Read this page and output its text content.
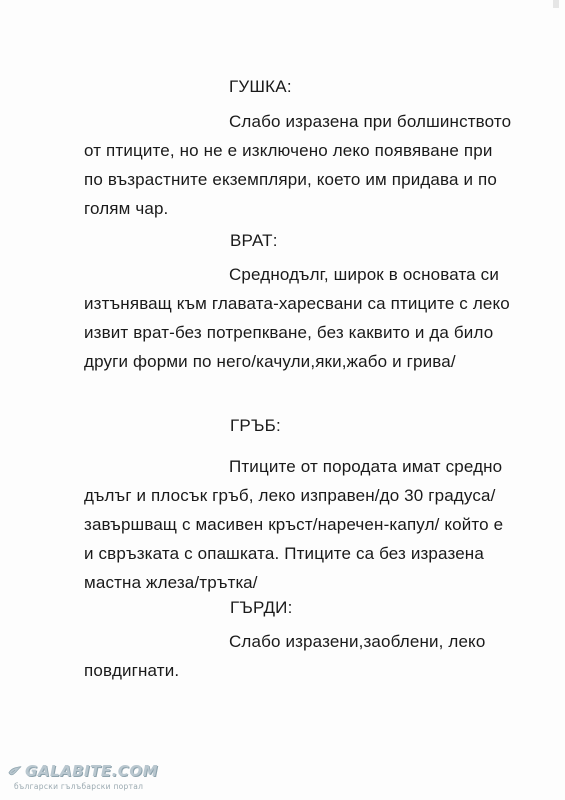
ГУШКА:
Слабо изразена при болшинството
от птиците, но не е изключено леко появяване при
по възрастните екземпляри, което им придава и по
голям чар.
ВРАТ:
Среднодълг, широк в основата си
изтъняващ към главата-харесвани са птиците с леко
извит врат-без потрепкване, без каквито и да било
други форми по него/качули,яки,жабо и грива/
ГРЪБ:
Птиците от породата имат средно
дълъг и плосък гръб, леко изправен/до 30 градуса/
завършващ с масивен кръст/наречен-капул/ който е
и свръзката с опашката. Птиците са без изразена
мастна жлеза/тръткa/
ГЪРДИ:
Слабо изразени,заоблени, леко
повдигнати.
GALABITE.COM
български гълъбарски портал
